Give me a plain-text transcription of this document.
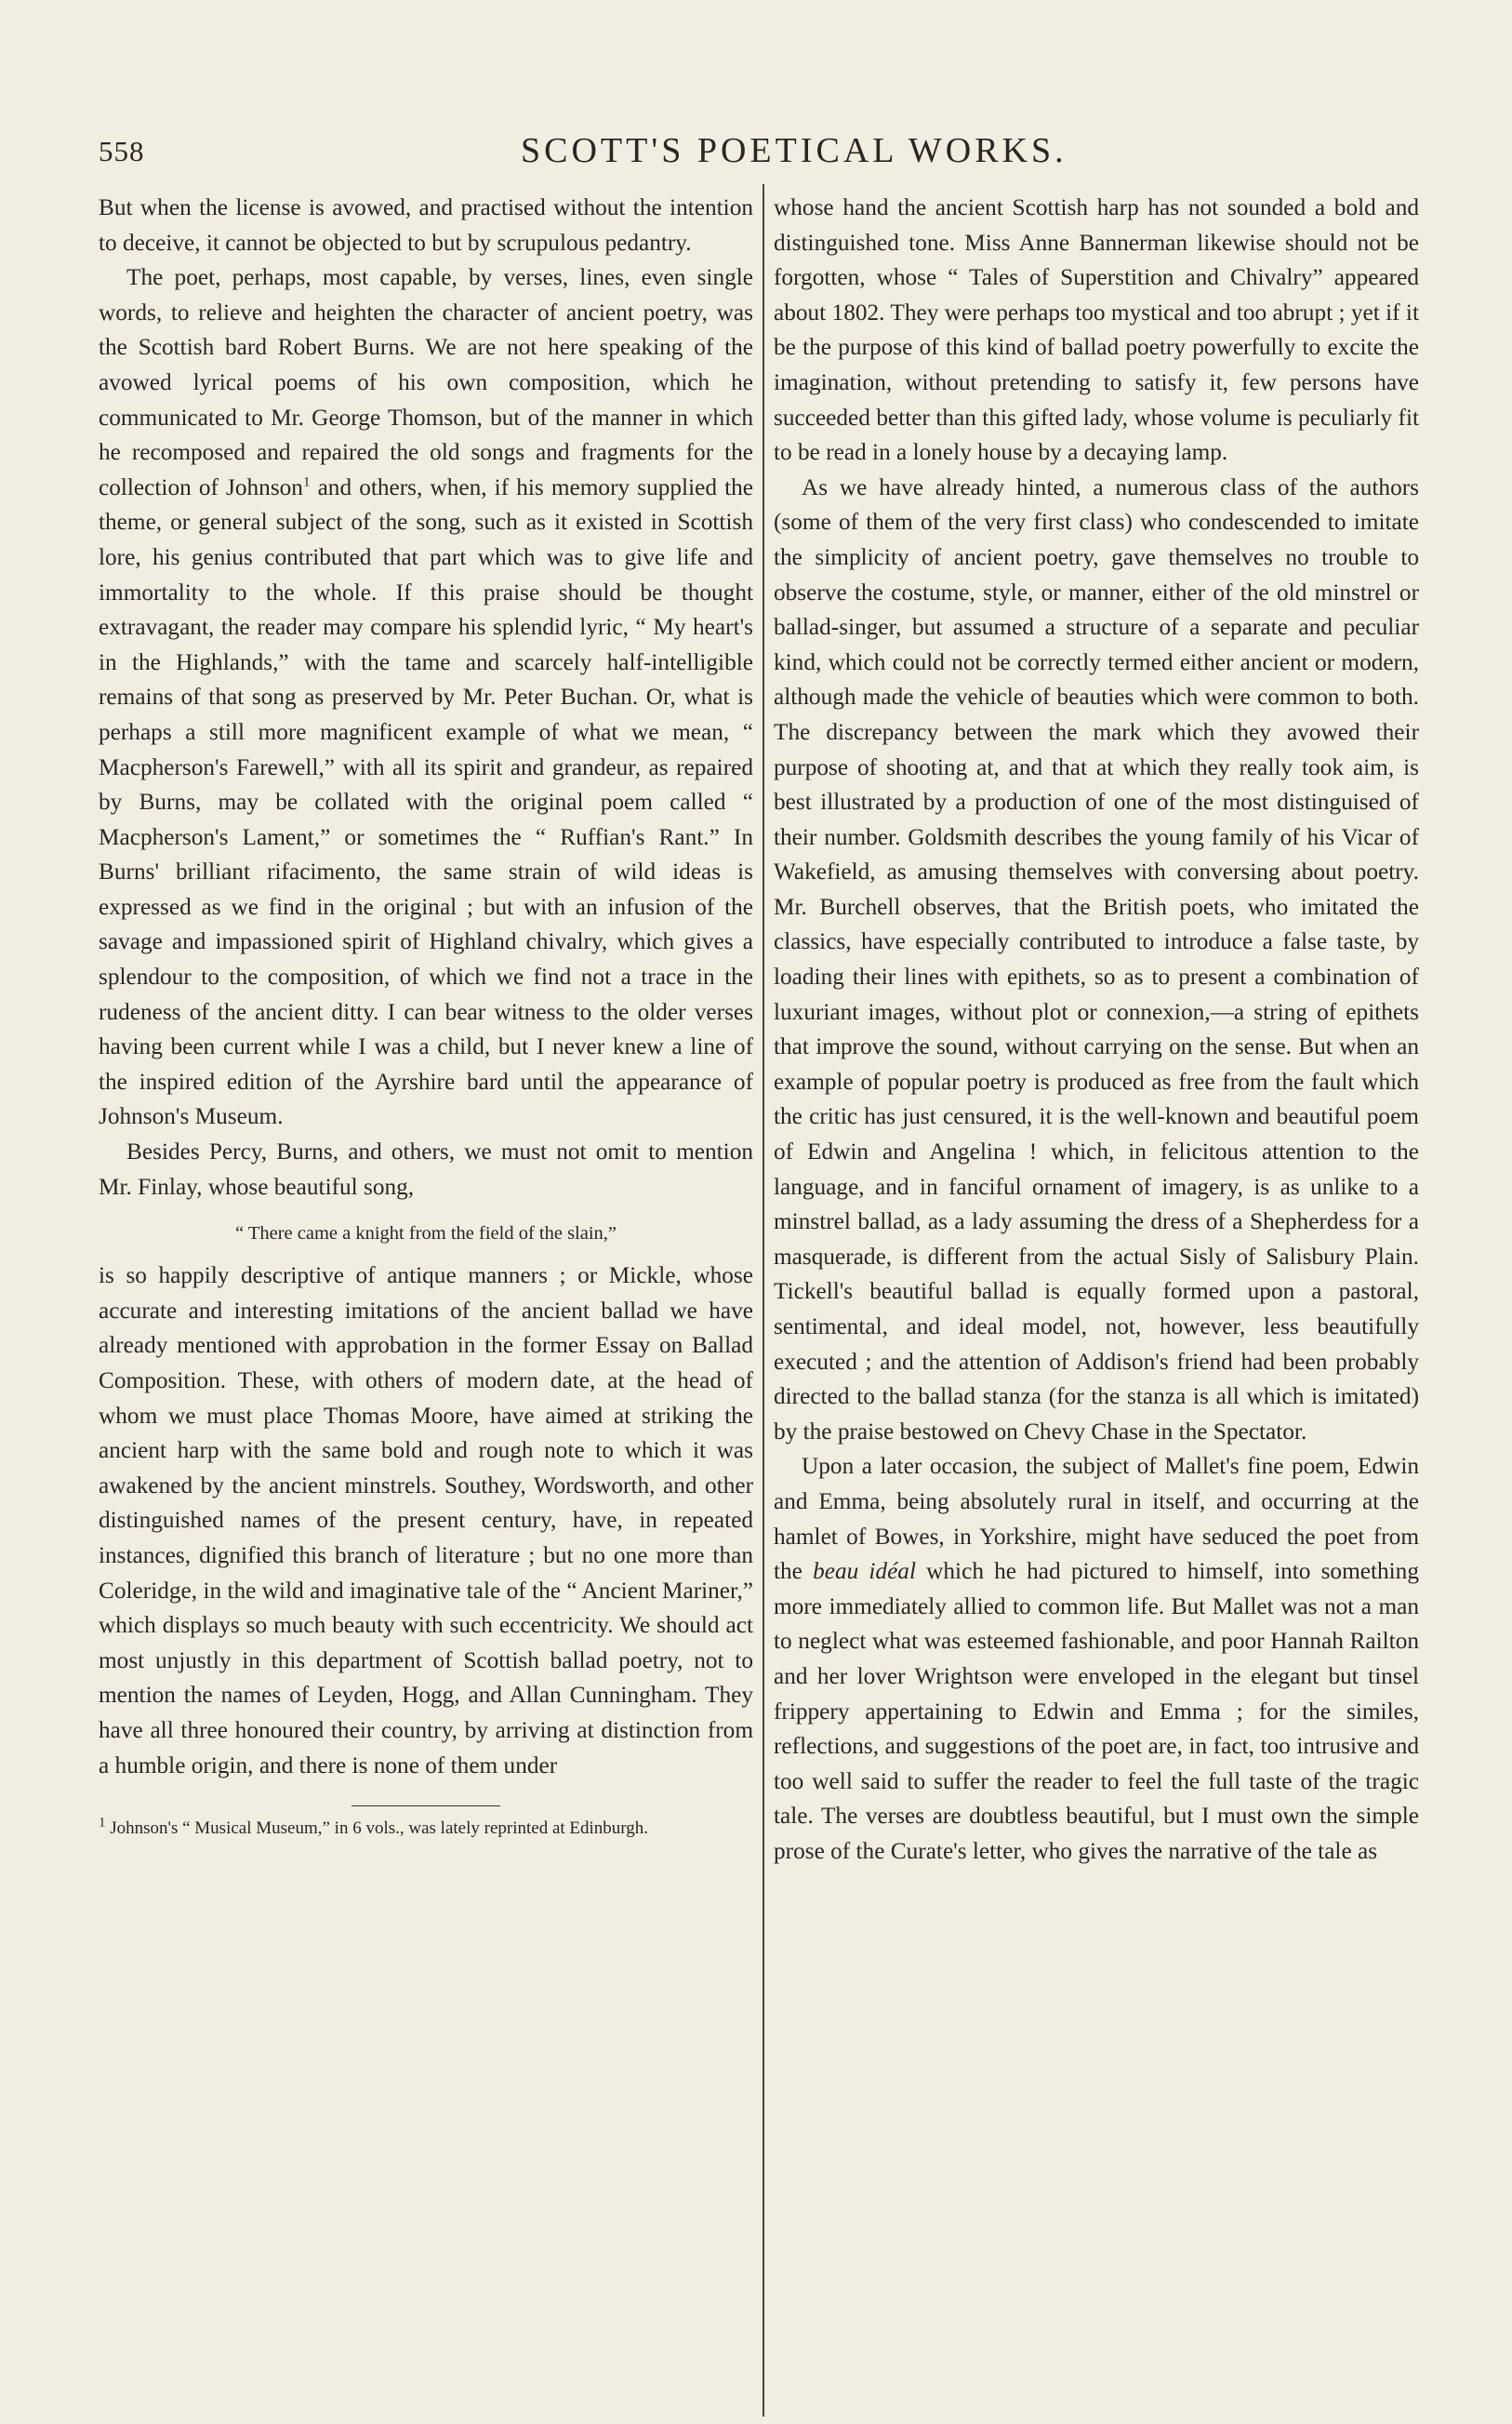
558	SCOTT'S POETICAL WORKS.

But when the license is avowed, and practised without the intention to deceive, it cannot be objected to but by scrupulous pedantry.

The poet, perhaps, most capable, by verses, lines, even single words, to relieve and heighten the character of ancient poetry, was the Scottish bard Robert Burns. We are not here speaking of the avowed lyrical poems of his own composition, which he communicated to Mr. George Thomson, but of the manner in which he recomposed and repaired the old songs and fragments for the collection of Johnson$^1$ and others, when, if his memory supplied the theme, or general subject of the song, such as it existed in Scottish lore, his genius contributed that part which was to give life and immortality to the whole. If this praise should be thought extravagant, the reader may compare his splendid lyric, “ My heart's in the Highlands,” with the tame and scarcely half-intelligible remains of that song as preserved by Mr. Peter Buchan. Or, what is perhaps a still more magnificent example of what we mean, “ Macpherson's Farewell,” with all its spirit and grandeur, as repaired by Burns, may be collated with the original poem called “ Macpherson's Lament,” or sometimes the “ Ruffian's Rant.” In Burns' brilliant rifacimento, the same strain of wild ideas is expressed as we find in the original ; but with an infusion of the savage and impassioned spirit of Highland chivalry, which gives a splendour to the composition, of which we find not a trace in the rudeness of the ancient ditty. I can bear witness to the older verses having been current while I was a child, but I never knew a line of the inspired edition of the Ayrshire bard until the appearance of Johnson's Museum.

Besides Percy, Burns, and others, we must not omit to mention Mr. Finlay, whose beautiful song,

“ There came a knight from the field of the slain,”

is so happily descriptive of antique manners ; or Mickle, whose accurate and interesting imitations of the ancient ballad we have already mentioned with approbation in the former Essay on Ballad Composition. These, with others of modern date, at the head of whom we must place Thomas Moore, have aimed at striking the ancient harp with the same bold and rough note to which it was awakened by the ancient minstrels. Southey, Wordsworth, and other distinguished names of the present century, have, in repeated instances, dignified this branch of literature ; but no one more than Coleridge, in the wild and imaginative tale of the “ Ancient Mariner,” which displays so much beauty with such eccentricity. We should act most unjustly in this department of Scottish ballad poetry, not to mention the names of Leyden, Hogg, and Allan Cunningham. They have all three honoured their country, by arriving at distinction from a humble origin, and there is none of them under

$^1$ Johnson's “ Musical Museum,” in 6 vols., was lately reprinted at Edinburgh.

whose hand the ancient Scottish harp has not sounded a bold and distinguished tone. Miss Anne Bannerman likewise should not be forgotten, whose “ Tales of Superstition and Chivalry” appeared about 1802. They were perhaps too mystical and too abrupt ; yet if it be the purpose of this kind of ballad poetry powerfully to excite the imagination, without pretending to satisfy it, few persons have succeeded better than this gifted lady, whose volume is peculiarly fit to be read in a lonely house by a decaying lamp.

As we have already hinted, a numerous class of the authors (some of them of the very first class) who condescended to imitate the simplicity of ancient poetry, gave themselves no trouble to observe the costume, style, or manner, either of the old minstrel or ballad-singer, but assumed a structure of a separate and peculiar kind, which could not be correctly termed either ancient or modern, although made the vehicle of beauties which were common to both. The discrepancy between the mark which they avowed their purpose of shooting at, and that at which they really took aim, is best illustrated by a production of one of the most distinguised of their number. Goldsmith describes the young family of his Vicar of Wakefield, as amusing themselves with conversing about poetry. Mr. Burchell observes, that the British poets, who imitated the classics, have especially contributed to introduce a false taste, by loading their lines with epithets, so as to present a combination of luxuriant images, without plot or connexion,—a string of epithets that improve the sound, without carrying on the sense. But when an example of popular poetry is produced as free from the fault which the critic has just censured, it is the well-known and beautiful poem of Edwin and Angelina ! which, in felicitous attention to the language, and in fanciful ornament of imagery, is as unlike to a minstrel ballad, as a lady assuming the dress of a Shepherdess for a masquerade, is different from the actual Sisly of Salisbury Plain. Tickell's beautiful ballad is equally formed upon a pastoral, sentimental, and ideal model, not, however, less beautifully executed ; and the attention of Addison's friend had been probably directed to the ballad stanza (for the stanza is all which is imitated) by the praise bestowed on Chevy Chase in the Spectator.

Upon a later occasion, the subject of Mallet's fine poem, Edwin and Emma, being absolutely rural in itself, and occurring at the hamlet of Bowes, in Yorkshire, might have seduced the poet from the beau idéal which he had pictured to himself, into something more immediately allied to common life. But Mallet was not a man to neglect what was esteemed fashionable, and poor Hannah Railton and her lover Wrightson were enveloped in the elegant but tinsel frippery appertaining to Edwin and Emma ; for the similes, reflections, and suggestions of the poet are, in fact, too intrusive and too well said to suffer the reader to feel the full taste of the tragic tale. The verses are doubtless beautiful, but I must own the simple prose of the Curate's letter, who gives the narrative of the tale as
